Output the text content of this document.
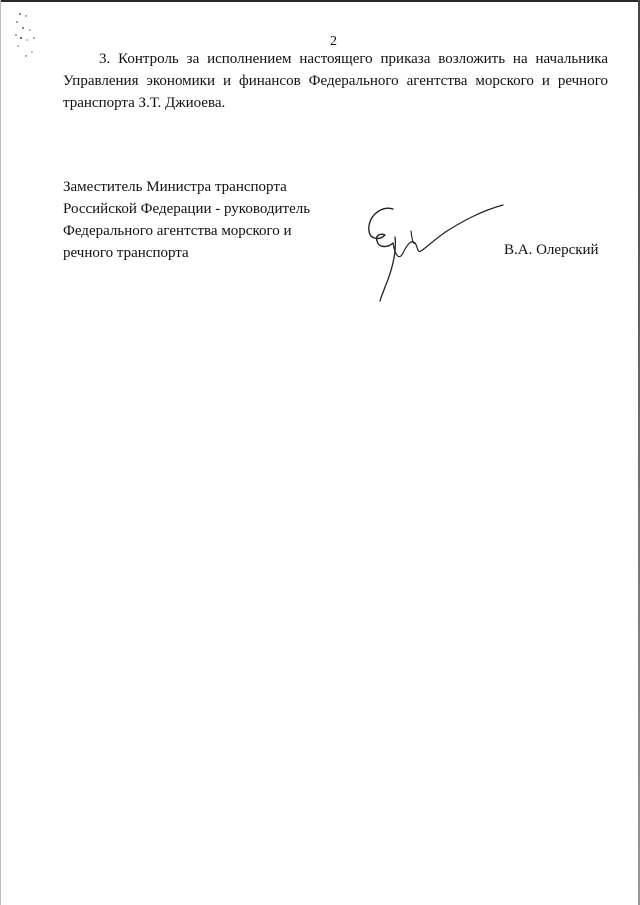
2
3. Контроль за исполнением настоящего приказа возложить на начальника
Управления экономики и финансов Федерального агентства морского и речного
транспорта З.Т. Джиоева.
Заместитель Министра транспорта
Российской Федерации - руководитель
Федерального агентства морского и
речного транспорта	В.А. Олерский
